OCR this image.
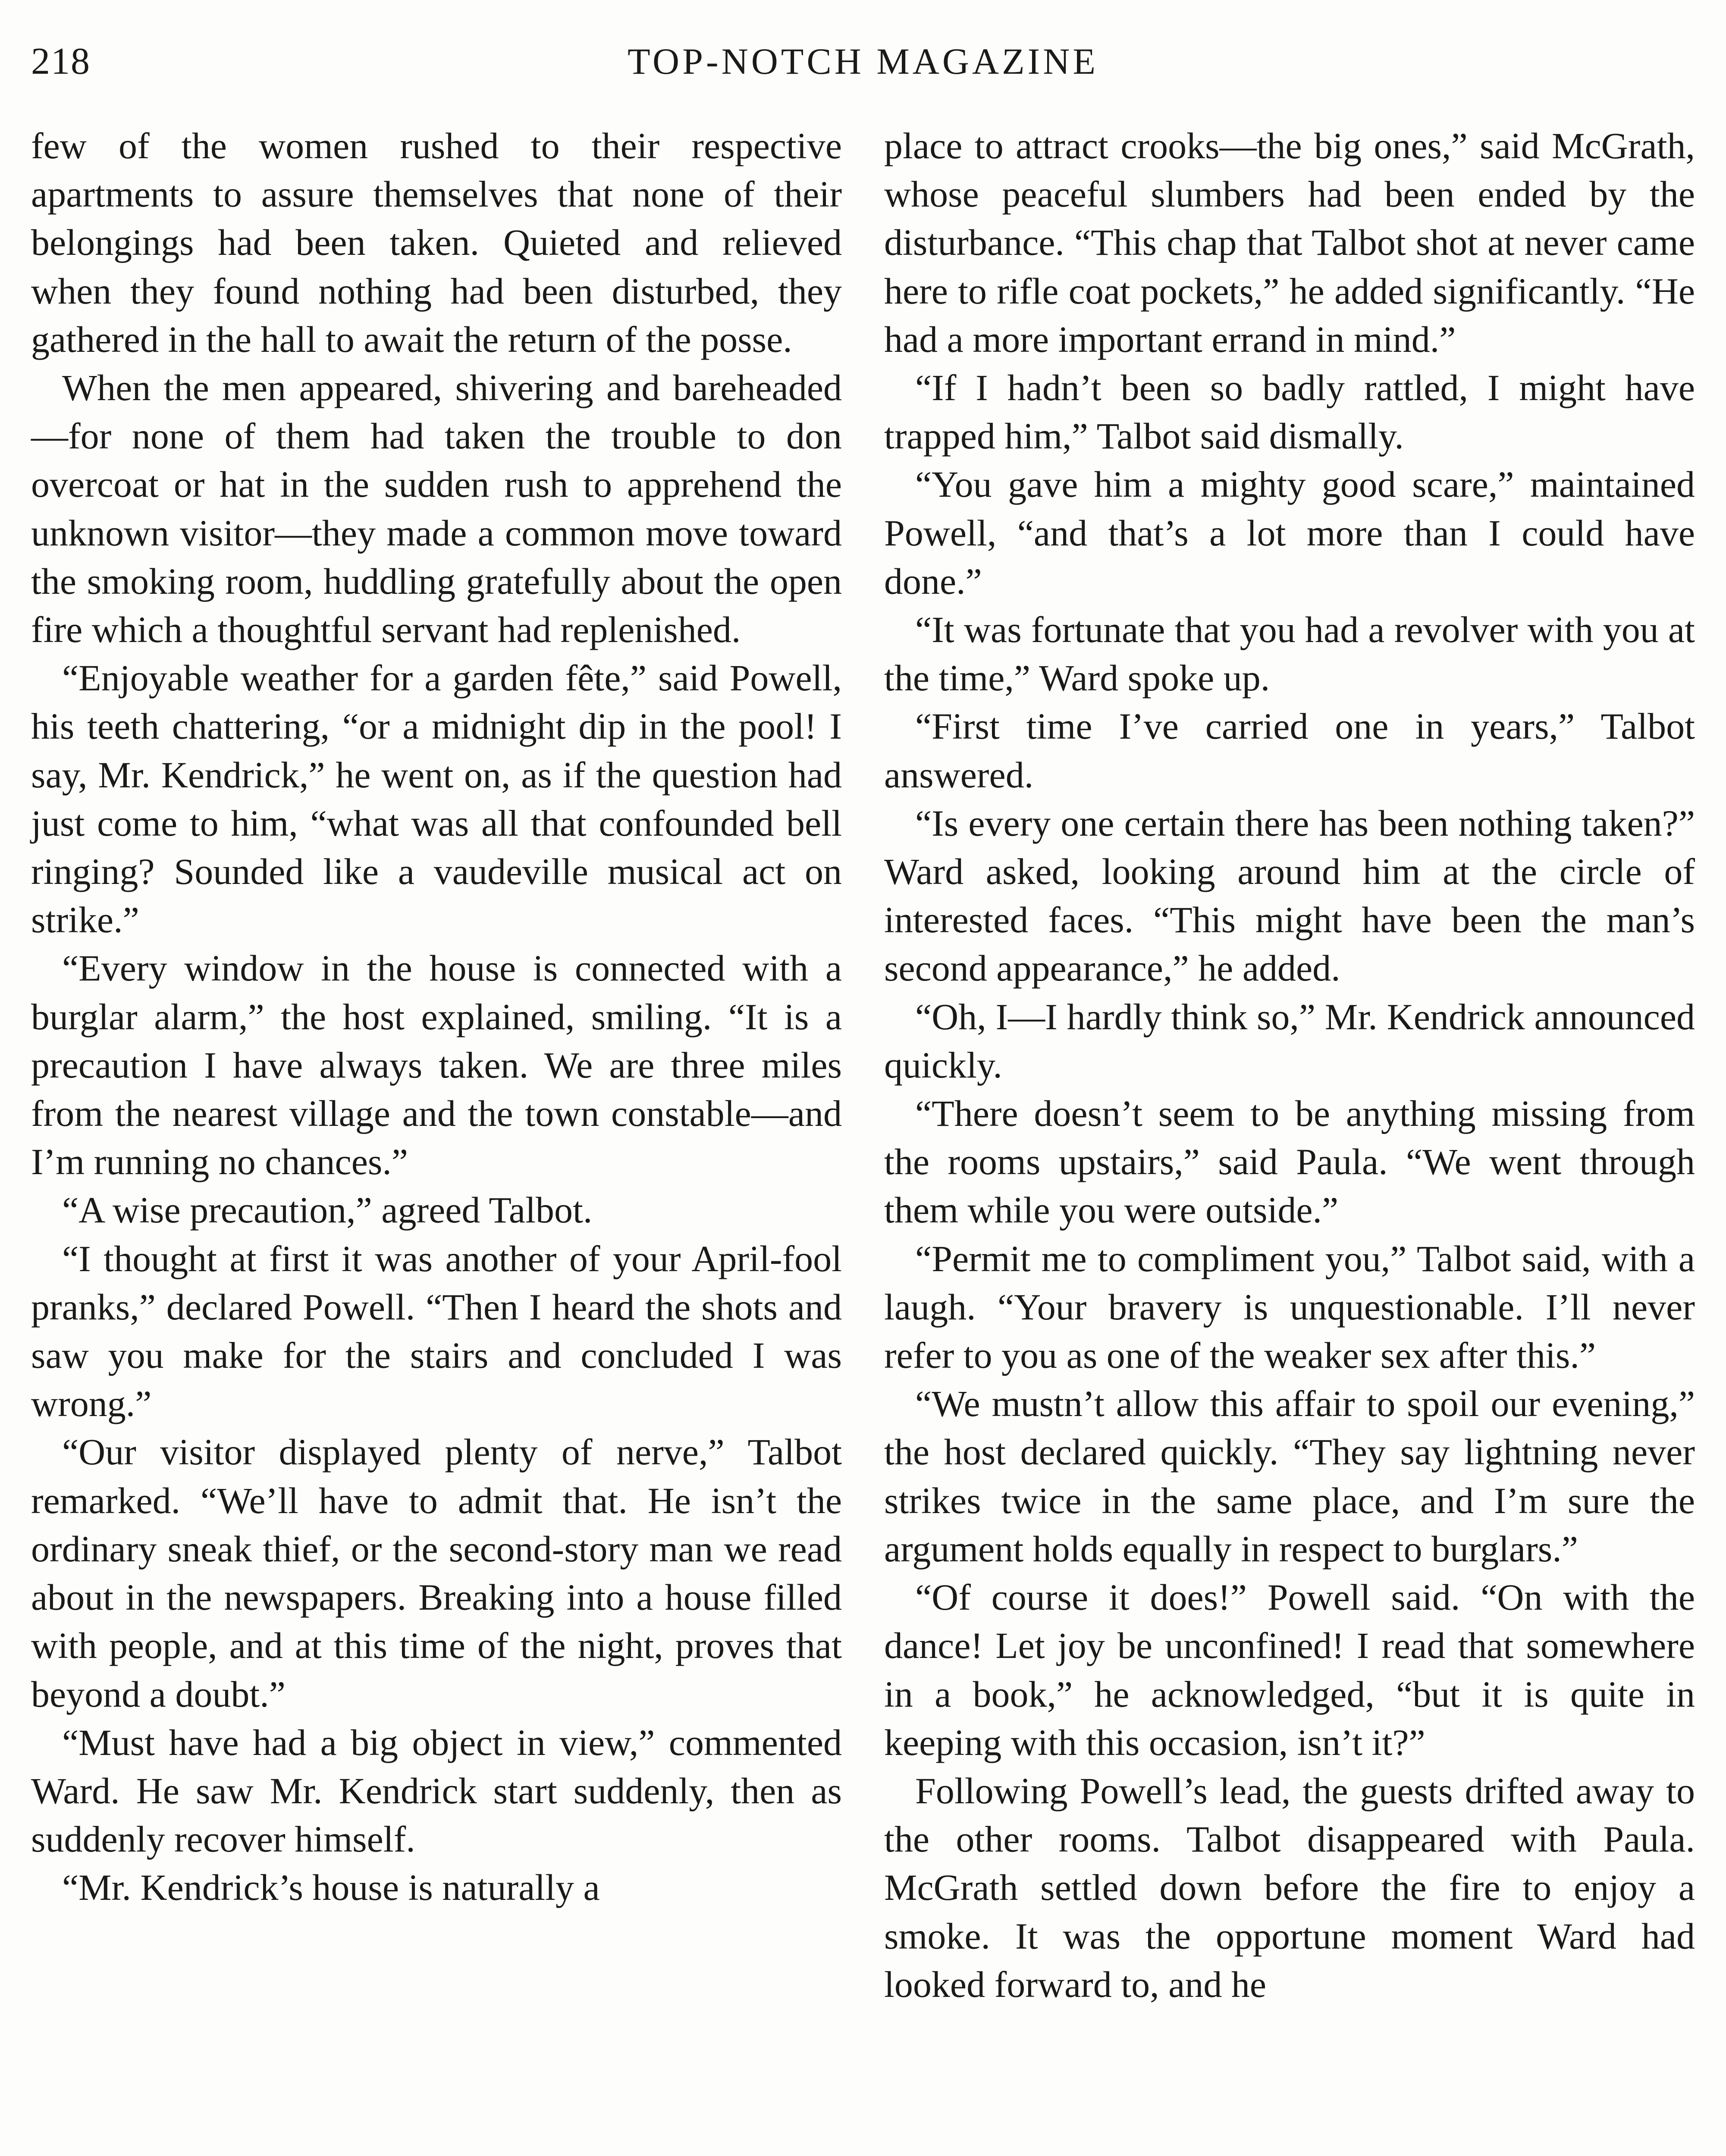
218	TOP-NOTCH MAGAZINE

few of the women rushed to their respective apartments to assure themselves that none of their belongings had been taken. Quieted and relieved when they found nothing had been disturbed, they gathered in the hall to await the return of the posse.

When the men appeared, shivering and bareheaded—for none of them had taken the trouble to don overcoat or hat in the sudden rush to apprehend the unknown visitor—they made a common move toward the smoking room, huddling gratefully about the open fire which a thoughtful servant had replenished.

“Enjoyable weather for a garden fête,” said Powell, his teeth chattering, “or a midnight dip in the pool! I say, Mr. Kendrick,” he went on, as if the question had just come to him, “what was all that confounded bell ringing? Sounded like a vaudeville musical act on strike.”

“Every window in the house is connected with a burglar alarm,” the host explained, smiling. “It is a precaution I have always taken. We are three miles from the nearest village and the town constable—and I’m running no chances.”

“A wise precaution,” agreed Talbot.

“I thought at first it was another of your April-fool pranks,” declared Powell. “Then I heard the shots and saw you make for the stairs and concluded I was wrong.”

“Our visitor displayed plenty of nerve,” Talbot remarked. “We’ll have to admit that. He isn’t the ordinary sneak thief, or the second-story man we read about in the newspapers. Breaking into a house filled with people, and at this time of the night, proves that beyond a doubt.”

“Must have had a big object in view,” commented Ward. He saw Mr. Kendrick start suddenly, then as suddenly recover himself.

“Mr. Kendrick’s house is naturally a

place to attract crooks—the big ones,” said McGrath, whose peaceful slumbers had been ended by the disturbance. “This chap that Talbot shot at never came here to rifle coat pockets,” he added significantly. “He had a more important errand in mind.”

“If I hadn’t been so badly rattled, I might have trapped him,” Talbot said dismally.

“You gave him a mighty good scare,” maintained Powell, “and that’s a lot more than I could have done.”

“It was fortunate that you had a revolver with you at the time,” Ward spoke up.

“First time I’ve carried one in years,” Talbot answered.

“Is every one certain there has been nothing taken?” Ward asked, looking around him at the circle of interested faces. “This might have been the man’s second appearance,” he added.

“Oh, I—I hardly think so,” Mr. Kendrick announced quickly.

“There doesn’t seem to be anything missing from the rooms upstairs,” said Paula. “We went through them while you were outside.”

“Permit me to compliment you,” Talbot said, with a laugh. “Your bravery is unquestionable. I’ll never refer to you as one of the weaker sex after this.”

“We mustn’t allow this affair to spoil our evening,” the host declared quickly. “They say lightning never strikes twice in the same place, and I’m sure the argument holds equally in respect to burglars.”

“Of course it does!” Powell said. “On with the dance! Let joy be unconfined! I read that somewhere in a book,” he acknowledged, “but it is quite in keeping with this occasion, isn’t it?”

Following Powell’s lead, the guests drifted away to the other rooms. Talbot disappeared with Paula. McGrath settled down before the fire to enjoy a smoke. It was the opportune moment Ward had looked forward to, and he
